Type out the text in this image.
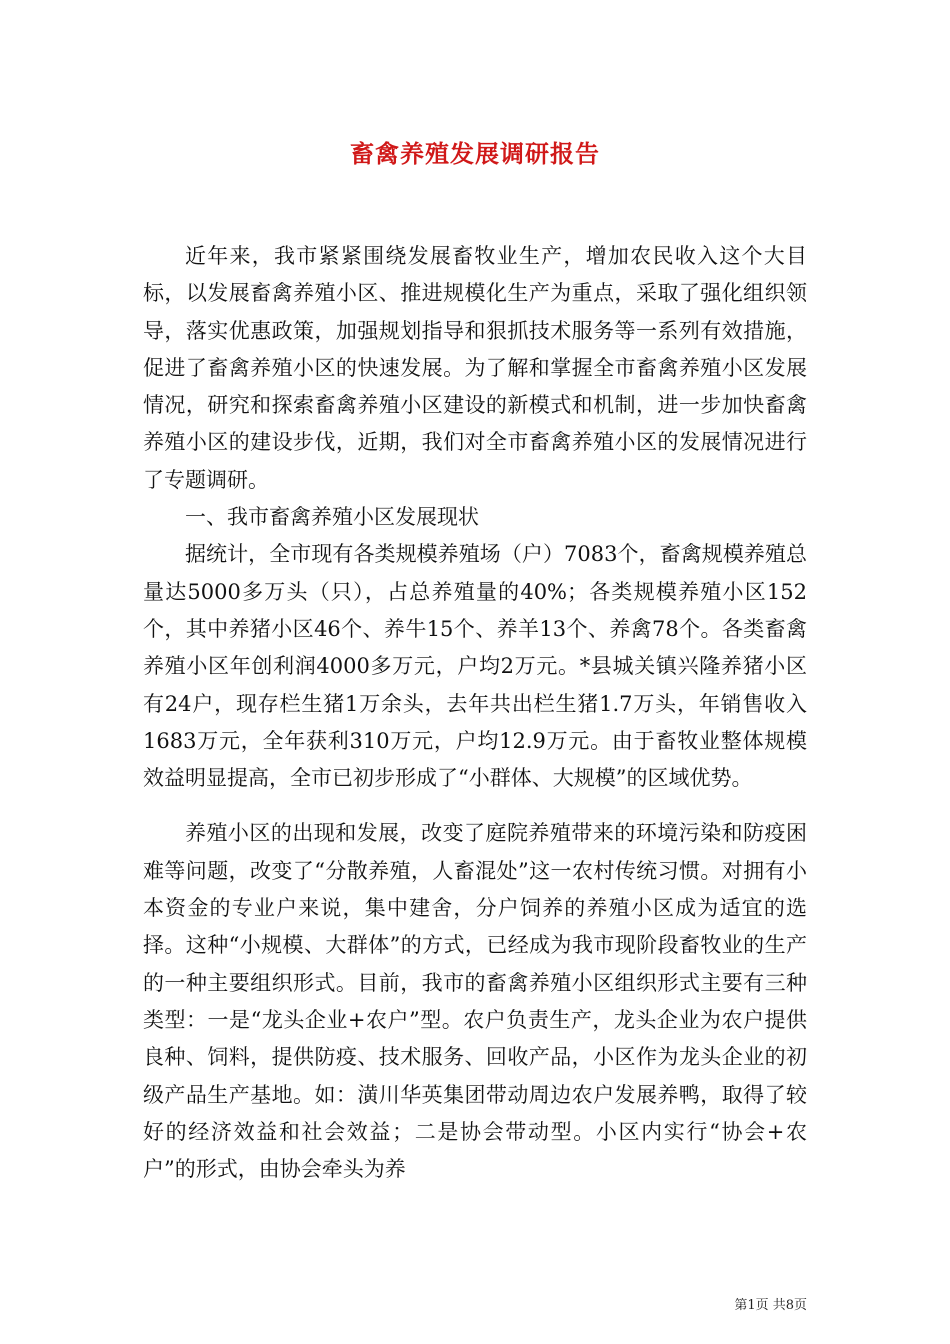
畜禽养殖发展调研报告

近年来，我市紧紧围绕发展畜牧业生产，增加农民收入这个大目标，以发展畜禽养殖小区、推进规模化生产为重点，采取了强化组织领导，落实优惠政策，加强规划指导和狠抓技术服务等一系列有效措施，促进了畜禽养殖小区的快速发展。为了解和掌握全市畜禽养殖小区发展情况，研究和探索畜禽养殖小区建设的新模式和机制，进一步加快畜禽养殖小区的建设步伐，近期，我们对全市畜禽养殖小区的发展情况进行了专题调研。

一、我市畜禽养殖小区发展现状

据统计，全市现有各类规模养殖场（户）7083个，畜禽规模养殖总量达5000多万头（只），占总养殖量的40%；各类规模养殖小区152个，其中养猪小区46个、养牛15个、养羊13个、养禽78个。各类畜禽养殖小区年创利润4000多万元，户均2万元。*县城关镇兴隆养猪小区有24户，现存栏生猪1万余头，去年共出栏生猪1.7万头，年销售收入1683万元，全年获利310万元，户均12.9万元。由于畜牧业整体规模效益明显提高，全市已初步形成了“小群体、大规模”的区域优势。

养殖小区的出现和发展，改变了庭院养殖带来的环境污染和防疫困难等问题，改变了“分散养殖，人畜混处”这一农村传统习惯。对拥有小本资金的专业户来说，集中建舍，分户饲养的养殖小区成为适宜的选择。这种“小规模、大群体”的方式，已经成为我市现阶段畜牧业的生产的一种主要组织形式。目前，我市的畜禽养殖小区组织形式主要有三种类型：一是“龙头企业+农户”型。农户负责生产，龙头企业为农户提供良种、饲料，提供防疫、技术服务、回收产品，小区作为龙头企业的初级产品生产基地。如：潢川华英集团带动周边农户发展养鸭，取得了较好的经济效益和社会效益；二是协会带动型。小区内实行“协会+农户”的形式，由协会牵头为养

第1页 共8页
